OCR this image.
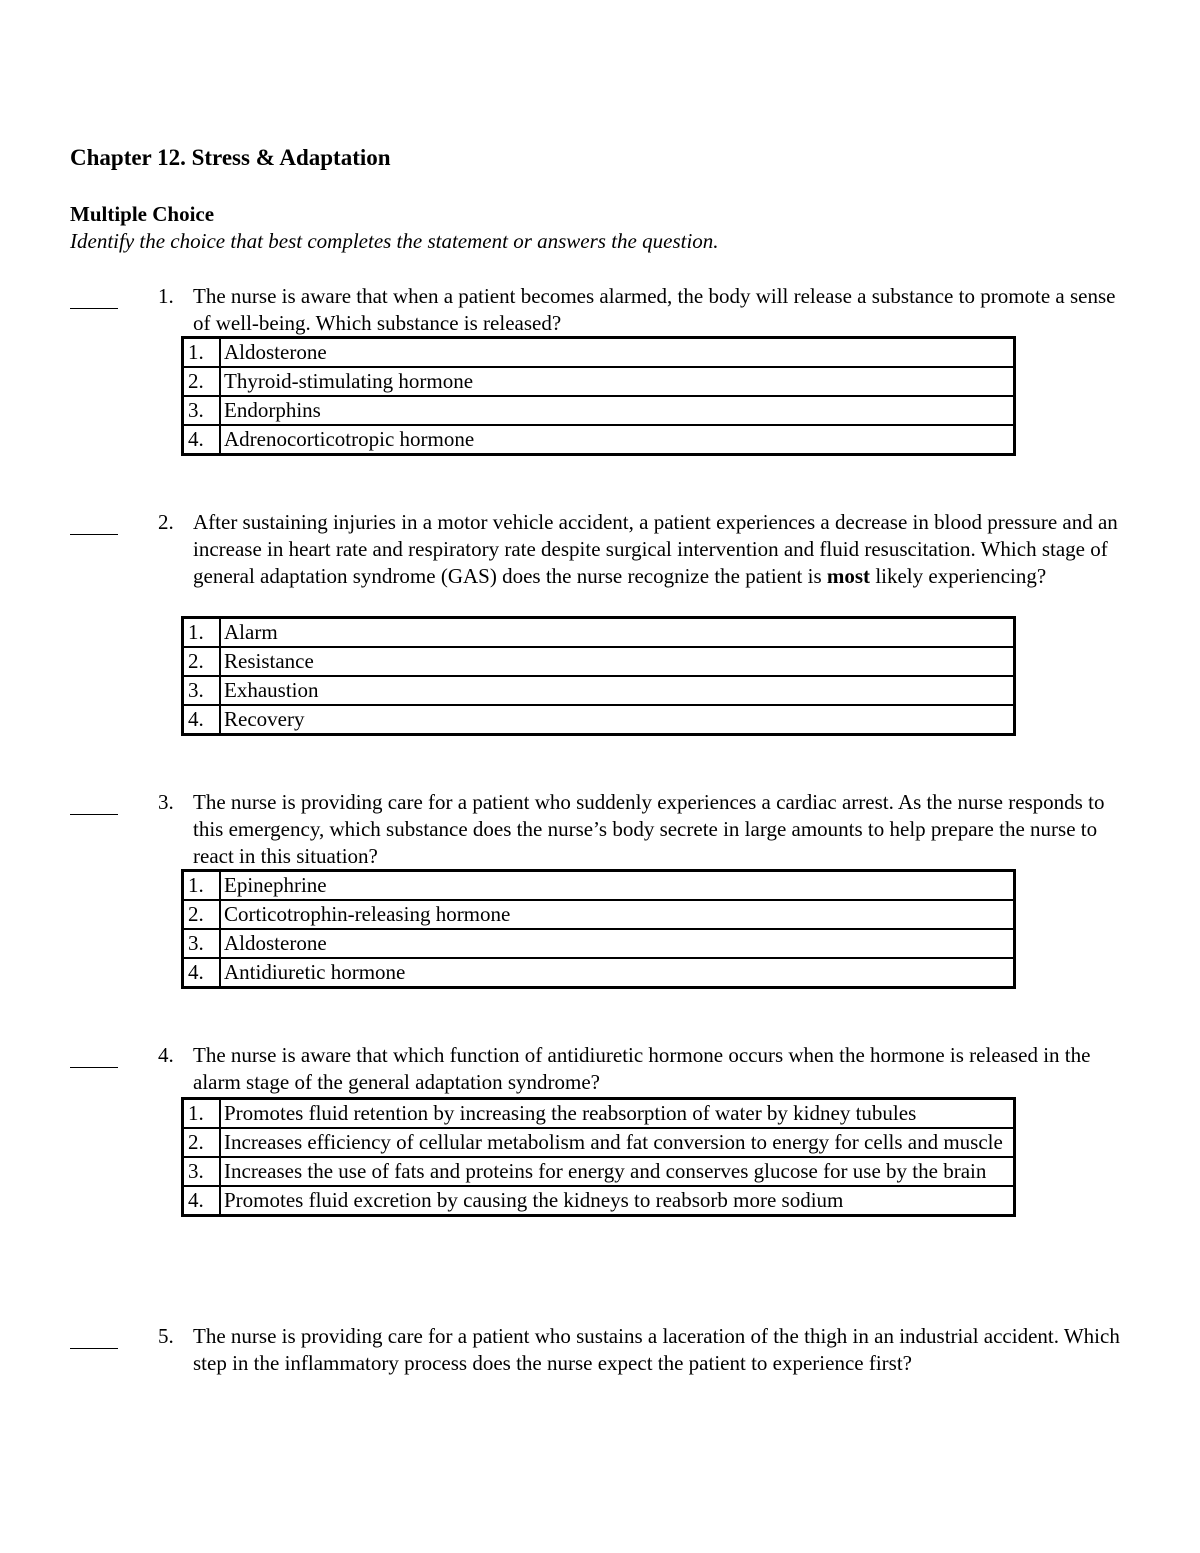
Chapter 12. Stress & Adaptation
Multiple Choice
Identify the choice that best completes the statement or answers the question.
1. The nurse is aware that when a patient becomes alarmed, the body will release a substance to promote a sense of well-being. Which substance is released?

1.	Aldosterone
2.	Thyroid-stimulating hormone
3.	Endorphins
4.	Adrenocorticotropic hormone
2. After sustaining injuries in a motor vehicle accident, a patient experiences a decrease in blood pressure and an increase in heart rate and respiratory rate despite surgical intervention and fluid resuscitation. Which stage of general adaptation syndrome (GAS) does the nurse recognize the patient is most likely experiencing?

1.	Alarm
2.	Resistance
3.	Exhaustion
4.	Recovery
3. The nurse is providing care for a patient who suddenly experiences a cardiac arrest. As the nurse responds to this emergency, which substance does the nurse’s body secrete in large amounts to help prepare the nurse to react in this situation?

1.	Epinephrine
2.	Corticotrophin-releasing hormone
3.	Aldosterone
4.	Antidiuretic hormone
4. The nurse is aware that which function of antidiuretic hormone occurs when the hormone is released in the alarm stage of the general adaptation syndrome?

1.	Promotes fluid retention by increasing the reabsorption of water by kidney tubules
2.	Increases efficiency of cellular metabolism and fat conversion to energy for cells and muscle
3.	Increases the use of fats and proteins for energy and conserves glucose for use by the brain
4.	Promotes fluid excretion by causing the kidneys to reabsorb more sodium
5. The nurse is providing care for a patient who sustains a laceration of the thigh in an industrial accident. Which step in the inflammatory process does the nurse expect the patient to experience first?
